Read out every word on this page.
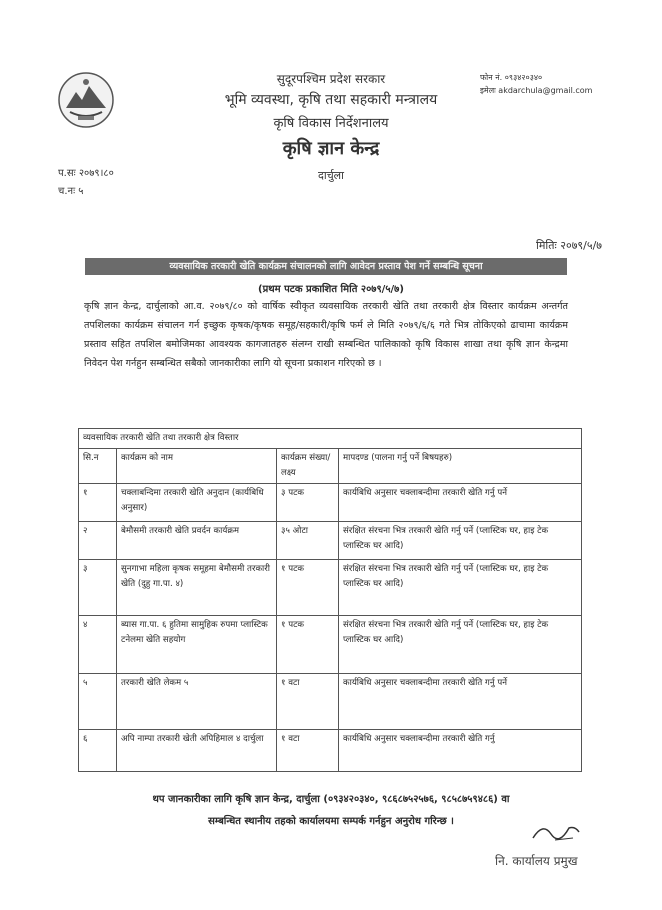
सुदूरपश्चिम प्रदेश सरकार
भूमि व्यवस्था, कृषि तथा सहकारी मन्त्रालय
कृषि विकास निर्देशनालय
कृषि ज्ञान केन्द्र
दार्चुला
फोन नं. ०९३४२०३४०
इमेलः akdarchula@gmail.com
प.सः २०७९।८०
च.नः ५
मितिः २०७९/५/७
व्यवसायिक तरकारी खेति कार्यक्रम संचालनको लागि आवेदन प्रस्ताव पेश गर्ने सम्बन्धि सूचना
(प्रथम पटक प्रकाशित मिति २०७९/५/७)
कृषि ज्ञान केन्द्र, दार्चुलाको आ.व. २०७९/८० को वार्षिक स्वीकृत व्यवसायिक तरकारी खेति तथा तरकारी क्षेत्र विस्तार कार्यक्रम अन्तर्गत तपशिलका कार्यक्रम संचालन गर्न इच्छुक कृषक/कृषक समूह/सहकारी/कृषि फर्म ले मिति २०७९/६/६ गते भित्र तोकिएको ढाचामा कार्यक्रम प्रस्ताव सहित तपशिल बमोजिमका आवश्यक कागजातहरु संलग्न राखी सम्बन्धित पालिकाको कृषि विकास शाखा तथा कृषि ज्ञान केन्द्रमा निवेदन पेश गर्नहुन सम्बन्धित सबैको जानकारीका लागि यो सूचना प्रकाशन गरिएको छ ।
व्यवसायिक तरकारी खेति तथा तरकारी क्षेत्र विस्तार			
सि.न	कार्यक्रम को नाम	कार्यक्रम संख्या/लक्ष्य	मापदण्ड (पालना गर्नु पर्ने बिषयहरु)
१	चक्लाबन्दिमा तरकारी खेति अनुदान (कार्यबिधि अनुसार)	३ पटक	कार्यबिधि अनुसार चक्लाबन्दीमा तरकारी खेति गर्नु पर्ने
२	बेमौसमी तरकारी खेति प्रवर्दन कार्यक्रम	३५ ओटा	संरक्षित संरचना भित्र तरकारी खेति गर्नु पर्ने (प्लास्टिक घर, हाइ टेक प्लास्टिक घर आदि)
३	सुनगाभा महिला कृषक समूहमा बेमौसमी तरकारी खेति (दुहु गा.पा. ४)	१ पटक	संरक्षित संरचना भित्र तरकारी खेति गर्नु पर्ने (प्लास्टिक घर, हाइ टेक प्लास्टिक घर आदि)
४	ब्यास गा.पा. ६ हुतिमा सामुहिक रुपमा प्लास्टिक टनेलमा खेति सहयोग	१ पटक	संरक्षित संरचना भित्र तरकारी खेति गर्नु पर्ने (प्लास्टिक घर, हाइ टेक प्लास्टिक घर आदि)
५	तरकारी खेति लेकम ५	१ वटा	कार्यबिधि अनुसार चक्लाबन्दीमा तरकारी खेति गर्नु पर्ने
६	अपि नाम्पा तरकारी खेती अपिहिमाल ४ दार्चुला	१ वटा	कार्यबिधि अनुसार चक्लाबन्दीमा तरकारी खेति गर्नु
थप जानकारीका लागि कृषि ज्ञान केन्द्र, दार्चुला (०९३४२०३४०, ९८६८७५२५७६, ९८५८७५९४८६) वा
सम्बन्धित स्थानीय तहको कार्यालयमा सम्पर्क गर्नहुन अनुरोध गरिन्छ ।
नि. कार्यालय प्रमुख
